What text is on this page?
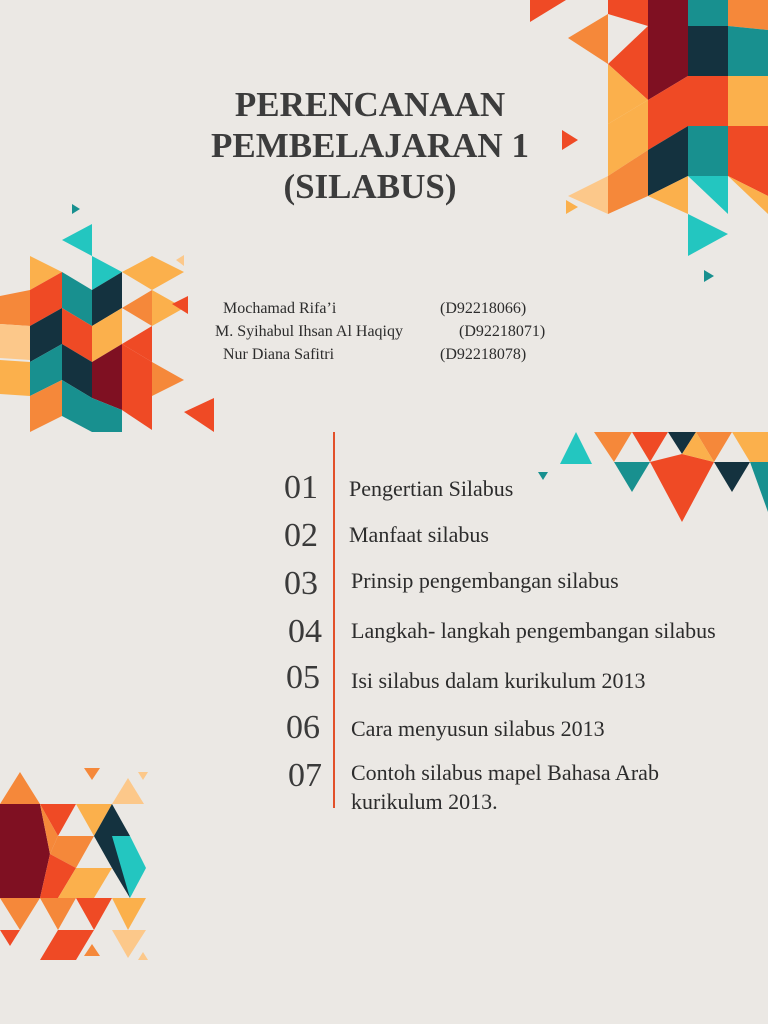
PERENCANAAN
PEMBELAJARAN 1
(SILABUS)
Mochamad Rifa’i	(D92218066)
M. Syihabul Ihsan Al Haqiqy	(D92218071)
Nur Diana Safitri	(D92218078)
01	Pengertian Silabus
02	Manfaat silabus
03	Prinsip pengembangan silabus
04	Langkah- langkah pengembangan silabus
05	Isi silabus dalam kurikulum 2013
06	Cara menyusun silabus 2013
07	Contoh silabus mapel Bahasa Arab kurikulum 2013.
